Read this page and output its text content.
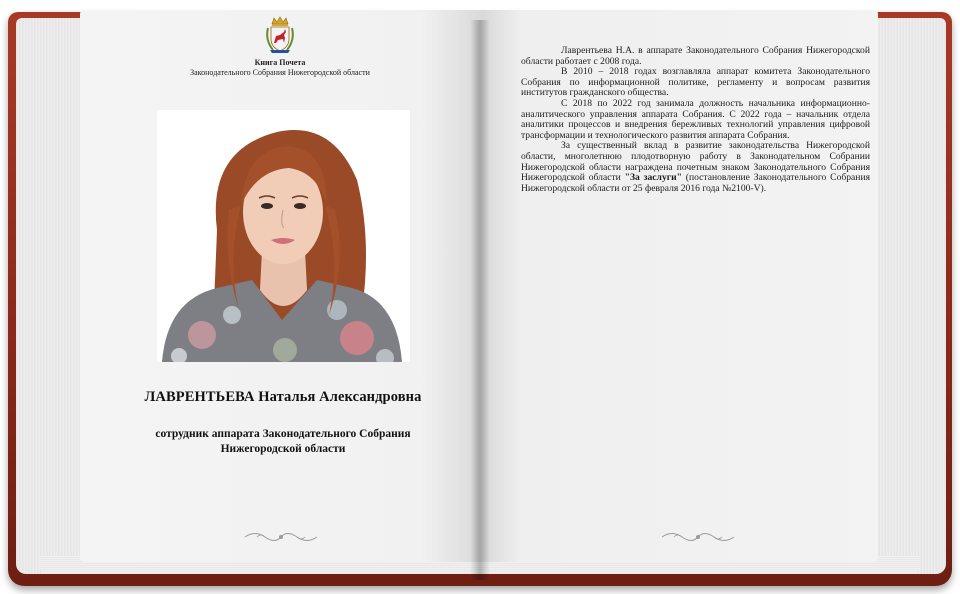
Книга Почета
Законодательного Собрания Нижегородской области
ЛАВРЕНТЬЕВА Наталья Александровна
сотрудник аппарата Законодательного Собрания
Нижегородской области

Лаврентьева Н.А. в аппарате Законодательного Собрания Нижегородской области работает с 2008 года.

В 2010 – 2018 годах возглавляла аппарат комитета Законодательного Собрания по информационной политике, регламенту и вопросам развития институтов гражданского общества.

С 2018 по 2022 год занимала должность начальника информационно-аналитического управления аппарата Собрания. С 2022 года – начальник отдела аналитики процессов и внедрения бережливых технологий управления цифровой трансформации и технологического развития аппарата Собрания.

За существенный вклад в развитие законодательства Нижегородской области, многолетнюю плодотворную работу в Законодательном Собрании Нижегородской области награждена почетным знаком Законодательного Собрания Нижегородской области "За заслуги" (постановление Законодательного Собрания Нижегородской области от 25 февраля 2016 года №2100-V).
